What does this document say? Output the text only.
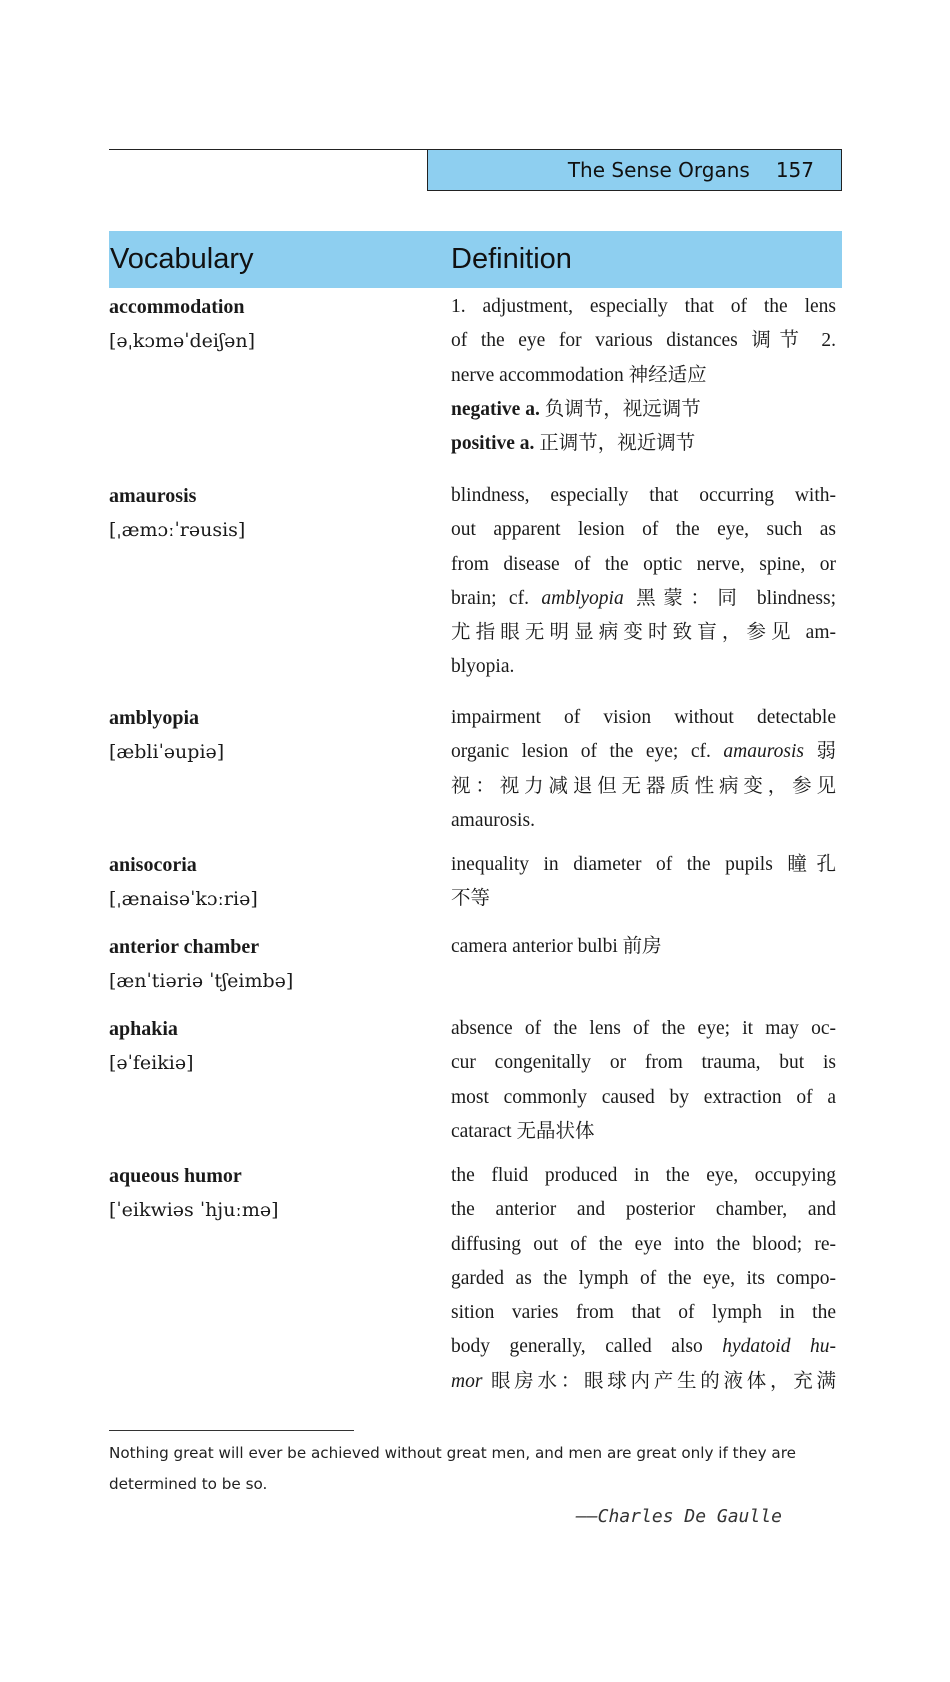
The Sense Organs 157
Vocabulary	Definition
accommodation
[əˌkɔməˈdeiʃən]
1. adjustment, especially that of the lens
of the eye for various distances 调节 2.
nerve accommodation 神经适应
negative a. 负调节，视远调节
positive a. 正调节，视近调节
amaurosis
[ˌæmɔːˈrəusis]
blindness, especially that occurring with-
out apparent lesion of the eye, such as
from disease of the optic nerve, spine, or
brain; cf. amblyopia 黑蒙：同 blindness;
尤指眼无明显病变时致盲，参见 am-
blyopia.
amblyopia
[æbliˈəupiə]
impairment of vision without detectable
organic lesion of the eye; cf. amaurosis 弱
视：视力减退但无器质性病变，参见
amaurosis.
anisocoria
[ˌænaisəˈkɔːriə]
inequality in diameter of the pupils 瞳孔
不等
anterior chamber
[ænˈtiəriə ˈtʃeimbə]
camera anterior bulbi 前房
aphakia
[əˈfeikiə]
absence of the lens of the eye; it may oc-
cur congenitally or from trauma, but is
most commonly caused by extraction of a
cataract 无晶状体
aqueous humor
[ˈeikwiəs ˈhjuːmə]
the fluid produced in the eye, occupying
the anterior and posterior chamber, and
diffusing out of the eye into the blood; re-
garded as the lymph of the eye, its compo-
sition varies from that of lymph in the
body generally, called also hydatoid hu-
mor 眼房水：眼球内产生的液体，充满
Nothing great will ever be achieved without great men, and men are great only if they are determined to be so.
——Charles De Gaulle
